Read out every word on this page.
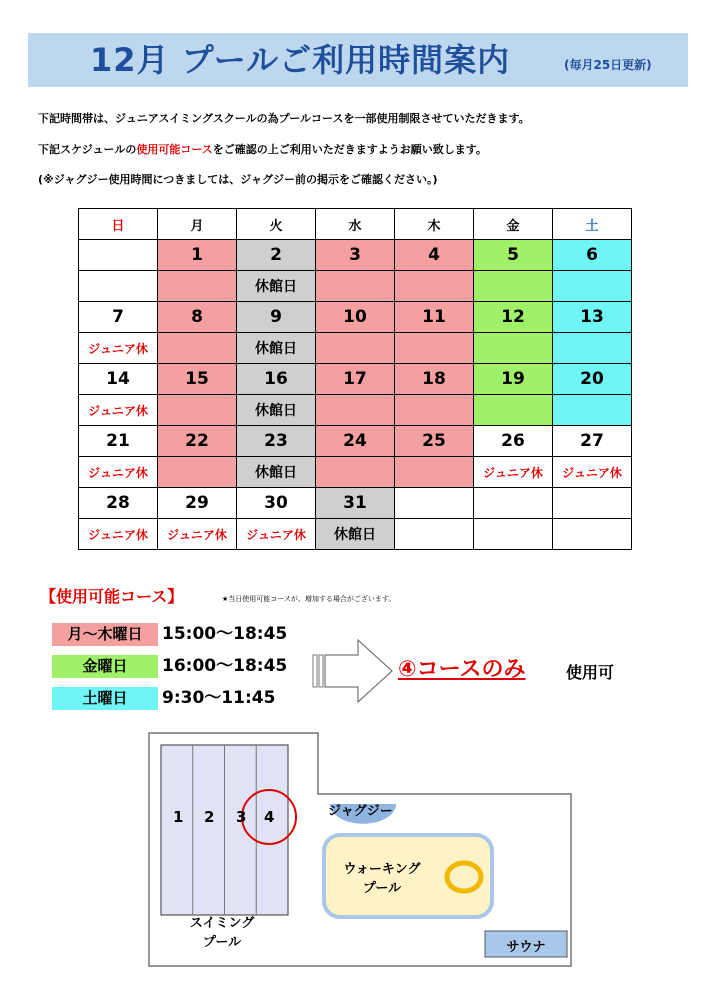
12月 プールご利用時間案内	(毎月25日更新)
下記時間帯は、ジュニアスイミングスクールの為プールコースを一部使用制限させていただきます。
下記スケジュールの使用可能コースをご確認の上ご利用いただきますようお願い致します。
(※ジャグジー使用時間につきましては、ジャグジー前の掲示をご確認ください。)
日	月	火	水	木	金	土
	1	2	3	4	5	6
		休館日				
7	8	9	10	11	12	13
ジュニア休		休館日				
14	15	16	17	18	19	20
ジュニア休		休館日				
21	22	23	24	25	26	27
ジュニア休		休館日			ジュニア休	ジュニア休
28	29	30	31			
ジュニア休	ジュニア休	ジュニア休	休館日			
【使用可能コース】	★当日使用可能コースが、増加する場合がございます。
月〜木曜日	15:00〜18:45
金曜日	16:00〜18:45
土曜日	9:30〜11:45
④コースのみ	使用可
1 2 3 4
スイミング
プール
ジャグジー
ウォーキング
プール
サウナ
